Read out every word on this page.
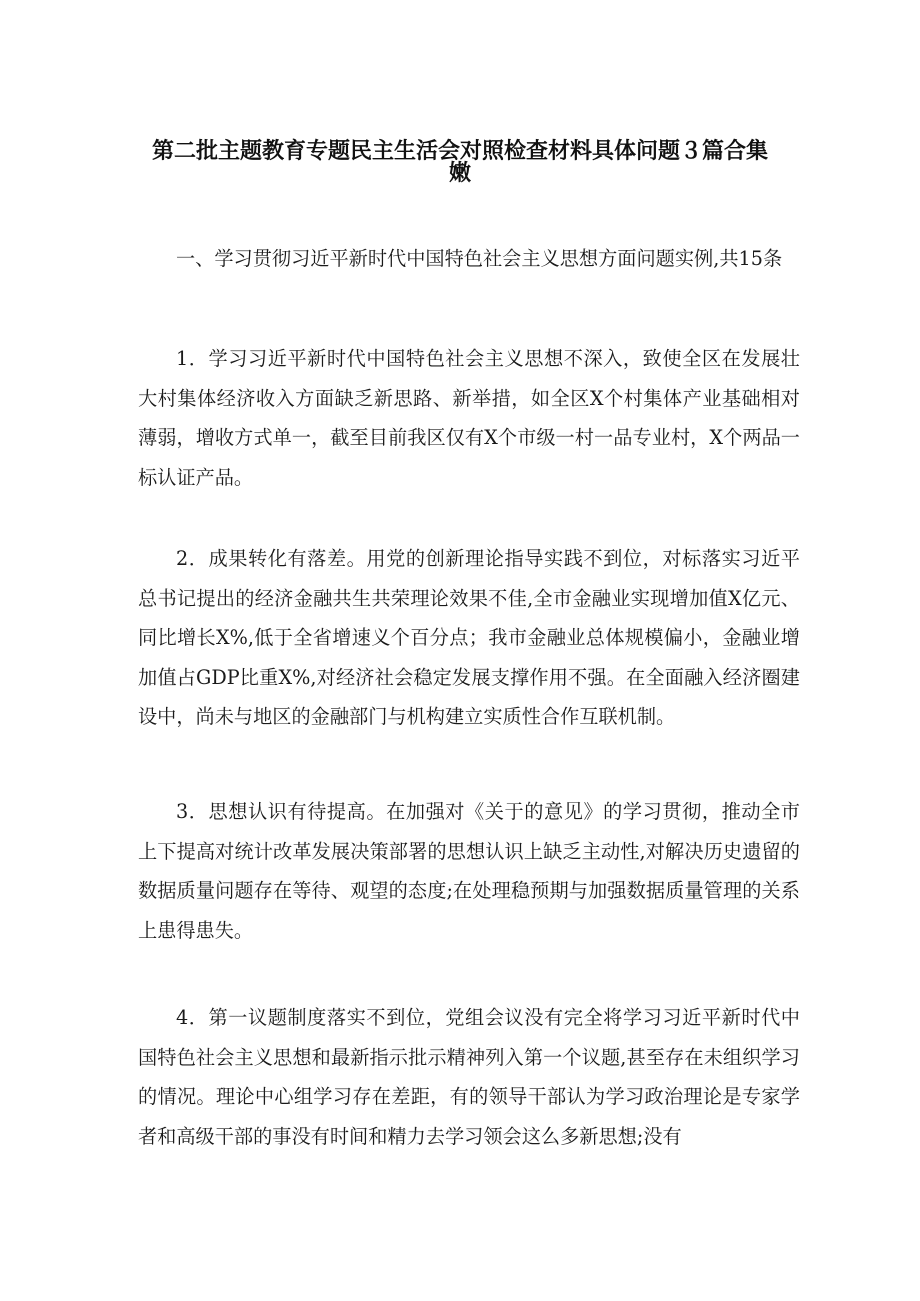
第二批主题教育专题民主生活会对照检查材料具体问题３篇合集
嫩

一、学习贯彻习近平新时代中国特色社会主义思想方面问题实例,共15条

1．学习习近平新时代中国特色社会主义思想不深入，致使全区在发展壮大村集体经济收入方面缺乏新思路、新举措，如全区X个村集体产业基础相对薄弱，增收方式单一，截至目前我区仅有X个市级一村一品专业村，X个两品一标认证产品。

2．成果转化有落差。用党的创新理论指导实践不到位，对标落实习近平总书记提出的经济金融共生共荣理论效果不佳,全市金融业实现增加值X亿元、同比增长X%,低于全省增速义个百分点；我市金融业总体规模偏小，金融业增加值占GDP比重X%,对经济社会稳定发展支撑作用不强。在全面融入经济圈建设中，尚未与地区的金融部门与机构建立实质性合作互联机制。

3．思想认识有待提高。在加强对《关于的意见》的学习贯彻，推动全市上下提高对统计改革发展决策部署的思想认识上缺乏主动性,对解决历史遗留的数据质量问题存在等待、观望的态度;在处理稳预期与加强数据质量管理的关系上患得患失。

4．第一议题制度落实不到位，党组会议没有完全将学习习近平新时代中国特色社会主义思想和最新指示批示精神列入第一个议题,甚至存在未组织学习的情况。理论中心组学习存在差距，有的领导干部认为学习政治理论是专家学者和高级干部的事没有时间和精力去学习领会这么多新思想;没有
